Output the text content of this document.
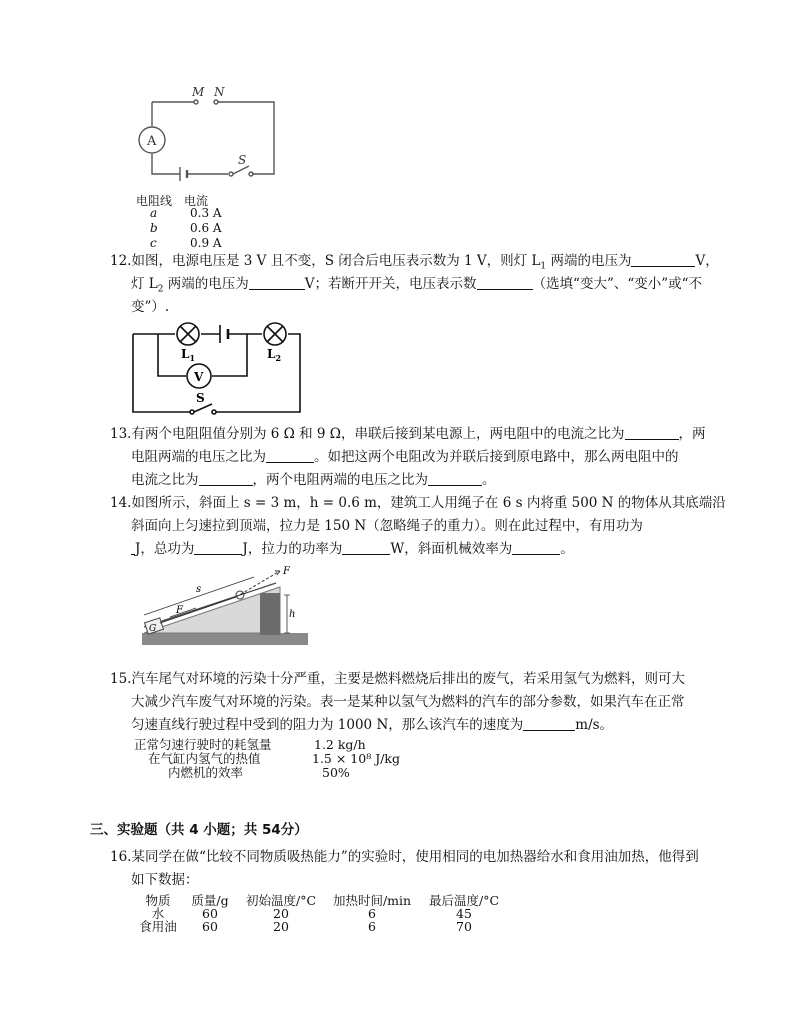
M N
A
S
电阻线　电流
a	0.3 A
b	0.6 A
c	0.9 A
12.如图，电源电压是 3 V 且不变，S 闭合后电压表示数为 1 V，则灯 $L_1$ 两端的电压为	V，
灯 $L_2$ 两端的电压为	V；若断开开关，电压表示数	（选填“变大”、“变小”或“不
变”）.
$L_1$	$L_2$
V
S
13.有两个电阻阻值分别为 6 Ω 和 9 Ω，串联后接到某电源上，两电阻中的电流之比为	，两
电阻两端的电压之比为	。如把这两个电阻改为并联后接到原电路中，那么两电阻中的
电流之比为	，两个电阻两端的电压之比为	。
14.如图所示，斜面上 s = 3 m，h = 0.6 m，建筑工人用绳子在 6 s 内将重 500 N 的物体从其底端沿
斜面向上匀速拉到顶端，拉力是 150 N（忽略绳子的重力）。则在此过程中，有用功为
J，总功为	J，拉力的功率为	W，斜面机械效率为	。
F
s
F
G
h
15.汽车尾气对环境的污染十分严重，主要是燃料燃烧后排出的废气，若采用氢气为燃料，则可大
大减少汽车废气对环境的污染。表一是某种以氢气为燃料的汽车的部分参数，如果汽车在正常
匀速直线行驶过程中受到的阻力为 1000 N，那么该汽车的速度为	m/s。
正常匀速行驶时的耗氢量	1.2 kg/h
在气缸内氢气的热值	1.5 × 10⁸ J/kg
内燃机的效率	50%
三、实验题（共 4 小题；共 54分）
16.某同学在做“比较不同物质吸热能力”的实验时，使用相同的电加热器给水和食用油加热，他得到
如下数据：
物质	质量/g	初始温度/°C	加热时间/min	最后温度/°C
水	60	20	6	45
食用油	60	20	6	70
